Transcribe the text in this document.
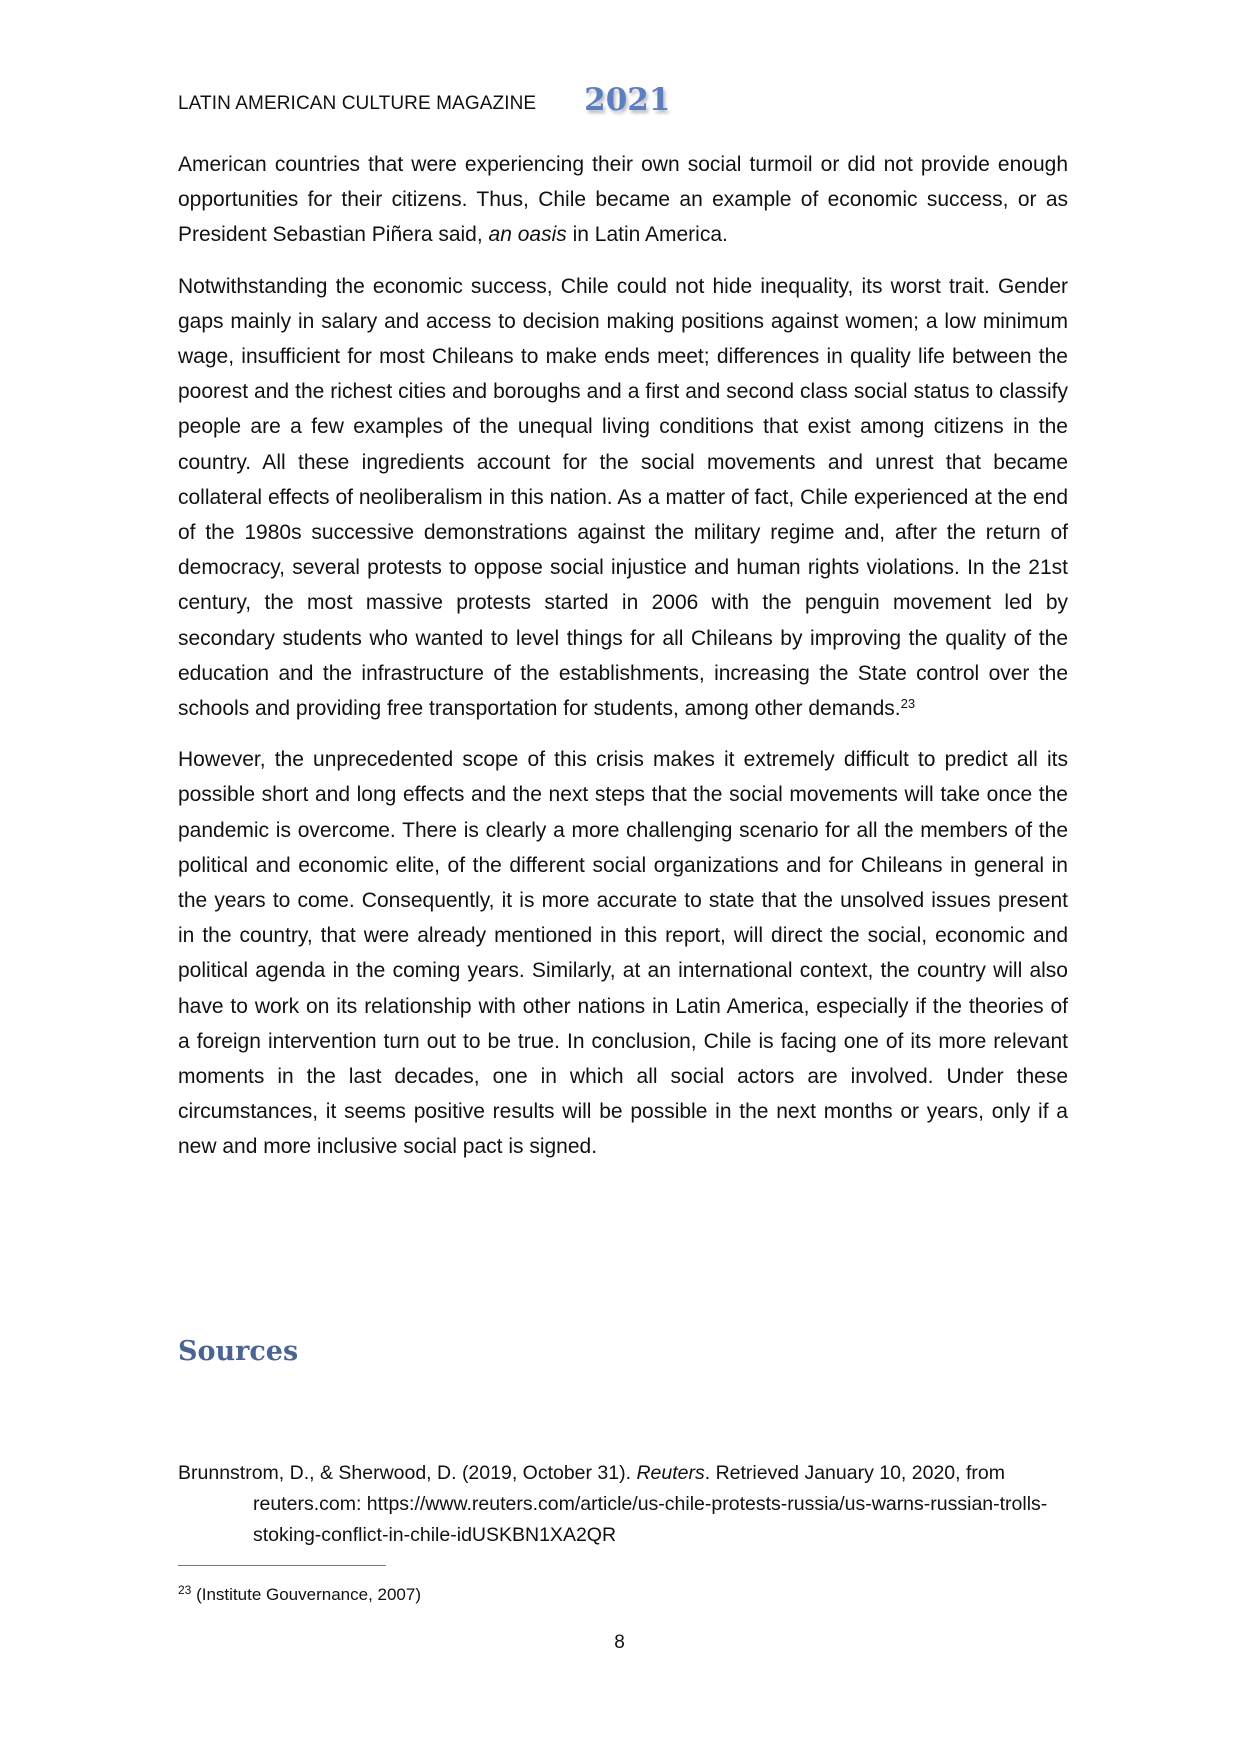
LATIN AMERICAN CULTURE MAGAZINE 2021

American countries that were experiencing their own social turmoil or did not provide enough opportunities for their citizens. Thus, Chile became an example of economic success, or as President Sebastian Piñera said, an oasis in Latin America.

Notwithstanding the economic success, Chile could not hide inequality, its worst trait. Gender gaps mainly in salary and access to decision making positions against women; a low minimum wage, insufficient for most Chileans to make ends meet; differences in quality life between the poorest and the richest cities and boroughs and a first and second class social status to classify people are a few examples of the unequal living conditions that exist among citizens in the country. All these ingredients account for the social movements and unrest that became collateral effects of neoliberalism in this nation. As a matter of fact, Chile experienced at the end of the 1980s successive demonstrations against the military regime and, after the return of democracy, several protests to oppose social injustice and human rights violations. In the 21st century, the most massive protests started in 2006 with the penguin movement led by secondary students who wanted to level things for all Chileans by improving the quality of the education and the infrastructure of the establishments, increasing the State control over the schools and providing free transportation for students, among other demands.$^{23}$

However, the unprecedented scope of this crisis makes it extremely difficult to predict all its possible short and long effects and the next steps that the social movements will take once the pandemic is overcome. There is clearly a more challenging scenario for all the members of the political and economic elite, of the different social organizations and for Chileans in general in the years to come. Consequently, it is more accurate to state that the unsolved issues present in the country, that were already mentioned in this report, will direct the social, economic and political agenda in the coming years. Similarly, at an international context, the country will also have to work on its relationship with other nations in Latin America, especially if the theories of a foreign intervention turn out to be true. In conclusion, Chile is facing one of its more relevant moments in the last decades, one in which all social actors are involved. Under these circumstances, it seems positive results will be possible in the next months or years, only if a new and more inclusive social pact is signed.

Sources
Brunnstrom, D., & Sherwood, D. (2019, October 31). Reuters. Retrieved January 10, 2020, from reuters.com: https://www.reuters.com/article/us-chile-protests-russia/us-warns-russian-trolls-stoking-conflict-in-chile-idUSKBN1XA2QR
$^{23}$ (Institute Gouvernance, 2007)
8
